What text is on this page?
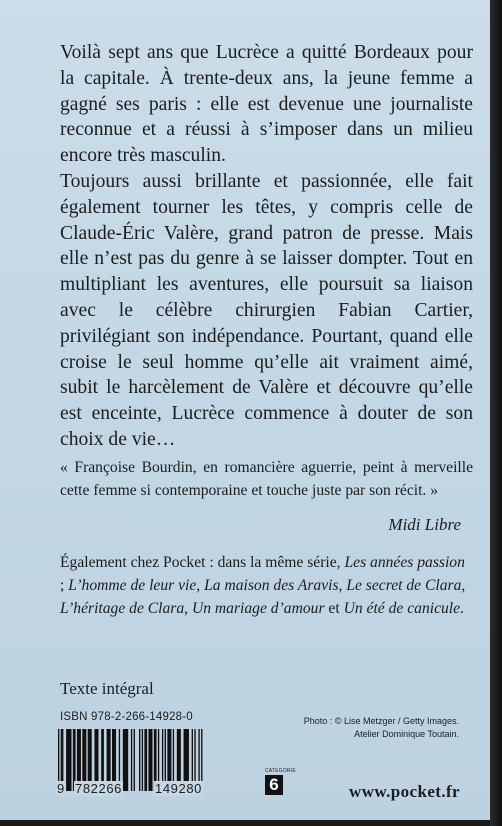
Voilà sept ans que Lucrèce a quitté Bordeaux pour la capitale. À trente-deux ans, la jeune femme a gagné ses paris : elle est devenue une journaliste reconnue et a réussi à s’imposer dans un milieu encore très masculin.

Toujours aussi brillante et passionnée, elle fait également tourner les têtes, y compris celle de Claude-Éric Valère, grand patron de presse. Mais elle n’est pas du genre à se laisser dompter. Tout en multipliant les aventures, elle poursuit sa liaison avec le célèbre chirurgien Fabian Cartier, privilégiant son indépendance. Pourtant, quand elle croise le seul homme qu’elle ait vraiment aimé, subit le harcèlement de Valère et découvre qu’elle est enceinte, Lucrèce commence à douter de son choix de vie…

« Françoise Bourdin, en romancière aguerrie, peint à merveille cette femme si contemporaine et touche juste par son récit. »

Midi Libre

Également chez Pocket : dans la même série, Les années passion ; L’homme de leur vie, La maison des Aravis, Le secret de Clara, L’héritage de Clara, Un mariage d’amour et Un été de canicule.

Texte intégral
ISBN 978-2-266-14928-0
9 782266	149280
CATÉGORIE
6
Photo : © Lise Metzger / Getty Images.
Atelier Dominique Toutain.
www.pocket.fr
